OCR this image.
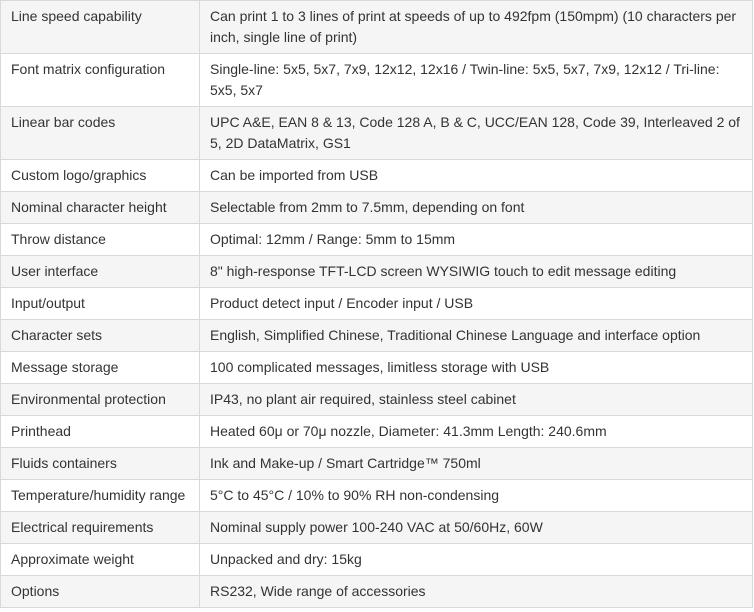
Line speed capability	Can print 1 to 3 lines of print at speeds of up to 492fpm (150mpm) (10 characters per inch, single line of print)
Font matrix configuration	Single-line: 5x5, 5x7, 7x9, 12x12, 12x16 / Twin-line: 5x5, 5x7, 7x9, 12x12 / Tri-line: 5x5, 5x7
Linear bar codes	UPC A&E, EAN 8 & 13, Code 128 A, B & C, UCC/EAN 128, Code 39, Interleaved 2 of 5, 2D DataMatrix, GS1
Custom logo/graphics	Can be imported from USB
Nominal character height	Selectable from 2mm to 7.5mm, depending on font
Throw distance	Optimal: 12mm / Range: 5mm to 15mm
User interface	8" high-response TFT-LCD screen WYSIWIG touch to edit message editing
Input/output	Product detect input / Encoder input / USB
Character sets	English, Simplified Chinese, Traditional Chinese Language and interface option
Message storage	100 complicated messages, limitless storage with USB
Environmental protection	IP43, no plant air required, stainless steel cabinet
Printhead	Heated 60μ or 70μ nozzle, Diameter: 41.3mm Length: 240.6mm
Fluids containers	Ink and Make-up / Smart Cartridge™ 750ml
Temperature/humidity range	5°C to 45°C / 10% to 90% RH non-condensing
Electrical requirements	Nominal supply power 100-240 VAC at 50/60Hz, 60W
Approximate weight	Unpacked and dry: 15kg
Options	RS232, Wide range of accessories
